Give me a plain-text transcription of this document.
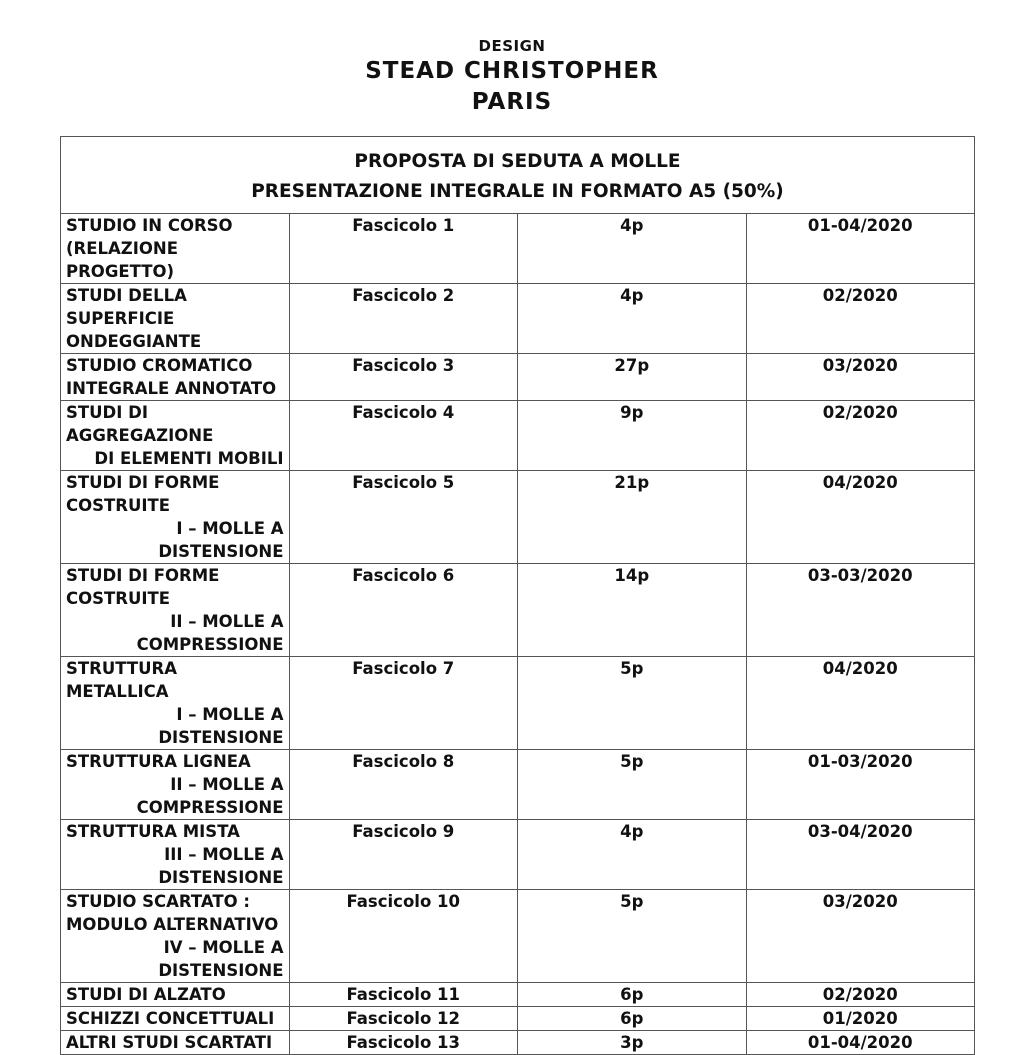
DESIGN
STEAD CHRISTOPHER
PARIS
PROPOSTA DI SEDUTA A MOLLE
PRESENTAZIONE INTEGRALE IN FORMATO A5 (50%)			

STUDIO IN CORSO (RELAZIONE PROGETTO)	Fascicolo 1	4p	01-04/2020

STUDI DELLA SUPERFICIE ONDEGGIANTE	Fascicolo 2	4p	02/2020

STUDIO CROMATICO INTEGRALE ANNOTATO	Fascicolo 3	27p	03/2020

STUDI DI AGGREGAZIONE
DI ELEMENTI MOBILI	Fascicolo 4	9p	02/2020

STUDI DI FORME COSTRUITE
I – MOLLE A DISTENSIONE	Fascicolo 5	21p	04/2020

STUDI DI FORME COSTRUITE
II – MOLLE A COMPRESSIONE	Fascicolo 6	14p	03-03/2020

STRUTTURA METALLICA
I – MOLLE A DISTENSIONE	Fascicolo 7	5p	04/2020

STRUTTURA LIGNEA
II – MOLLE A COMPRESSIONE	Fascicolo 8	5p	01-03/2020

STRUTTURA MISTA
III – MOLLE A DISTENSIONE	Fascicolo 9	4p	03-04/2020

STUDIO SCARTATO : MODULO ALTERNATIVO
IV – MOLLE A DISTENSIONE	Fascicolo 10	5p	03/2020

STUDI DI ALZATO	Fascicolo 11	6p	02/2020

SCHIZZI CONCETTUALI	Fascicolo 12	6p	01/2020

ALTRI STUDI SCARTATI	Fascicolo 13	3p	01-04/2020
